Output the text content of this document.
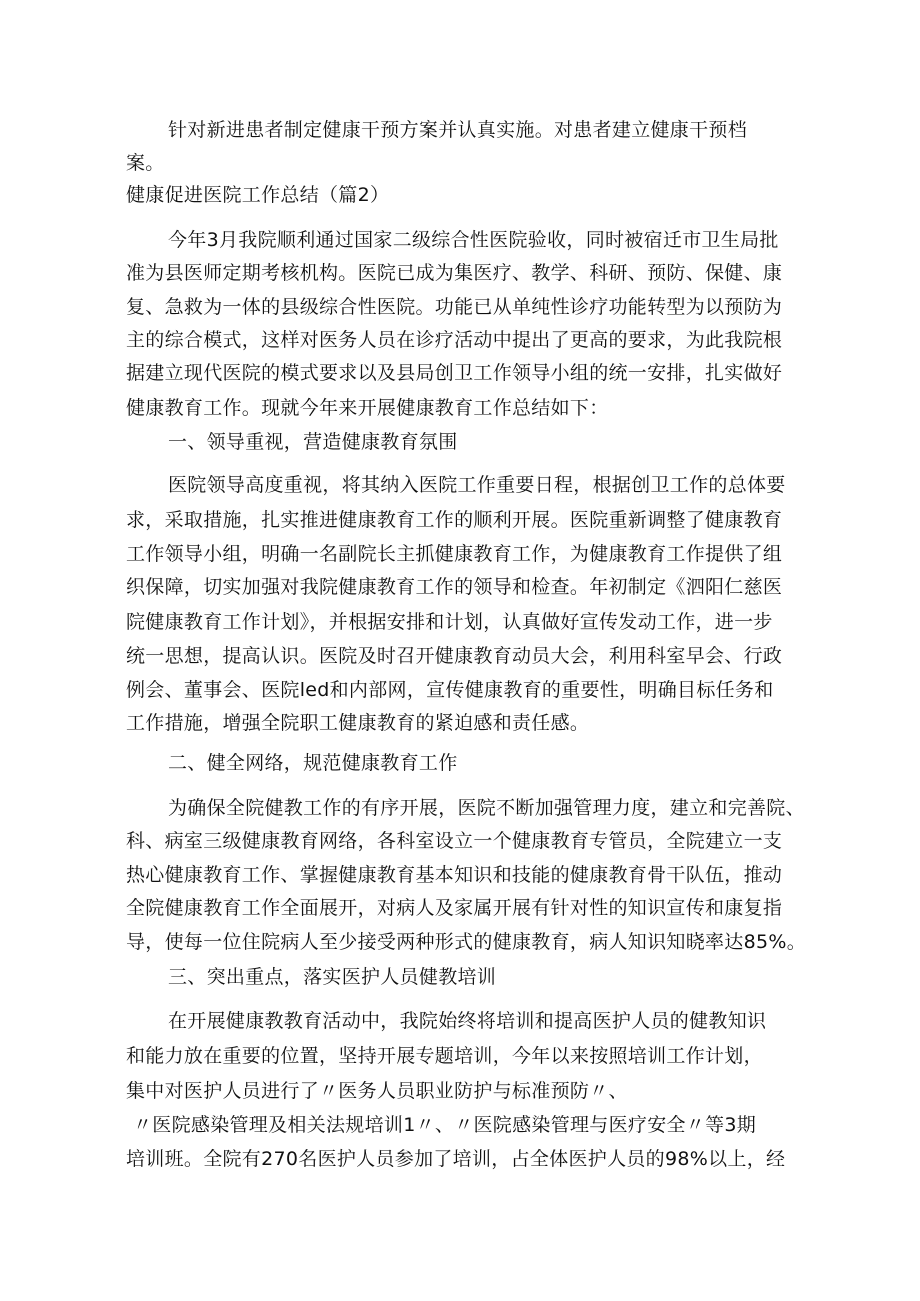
针对新进患者制定健康干预方案并认真实施。对患者建立健康干预档
案。
健康促进医院工作总结（篇2）
今年3月我院顺利通过国家二级综合性医院验收，同时被宿迁市卫生局批
准为县医师定期考核机构。医院已成为集医疗、教学、科研、预防、保健、康
复、急救为一体的县级综合性医院。功能已从单纯性诊疗功能转型为以预防为
主的综合模式，这样对医务人员在诊疗活动中提出了更高的要求，为此我院根
据建立现代医院的模式要求以及县局创卫工作领导小组的统一安排，扎实做好
健康教育工作。现就今年来开展健康教育工作总结如下：
一、领导重视，营造健康教育氛围
医院领导高度重视，将其纳入医院工作重要日程，根据创卫工作的总体要
求，采取措施，扎实推进健康教育工作的顺利开展。医院重新调整了健康教育
工作领导小组，明确一名副院长主抓健康教育工作，为健康教育工作提供了组
织保障，切实加强对我院健康教育工作的领导和检查。年初制定《泗阳仁慈医
院健康教育工作计划》，并根据安排和计划，认真做好宣传发动工作，进一步
统一思想，提高认识。医院及时召开健康教育动员大会，利用科室早会、行政
例会、董事会、医院led和内部网，宣传健康教育的重要性，明确目标任务和
工作措施，增强全院职工健康教育的紧迫感和责任感。
二、健全网络，规范健康教育工作
为确保全院健教工作的有序开展，医院不断加强管理力度，建立和完善院、
科、病室三级健康教育网络，各科室设立一个健康教育专管员，全院建立一支
热心健康教育工作、掌握健康教育基本知识和技能的健康教育骨干队伍，推动
全院健康教育工作全面展开，对病人及家属开展有针对性的知识宣传和康复指
导，使每一位住院病人至少接受两种形式的健康教育，病人知识知晓率达85%。
三、突出重点，落实医护人员健教培训
在开展健康教教育活动中，我院始终将培训和提高医护人员的健教知识
和能力放在重要的位置，坚持开展专题培训，今年以来按照培训工作计划，
集中对医护人员进行了〃医务人员职业防护与标准预防〃、
〃医院感染管理及相关法规培训1〃、〃医院感染管理与医疗安全〃等3期
培训班。全院有270名医护人员参加了培训，占全体医护人员的98%以上，经
